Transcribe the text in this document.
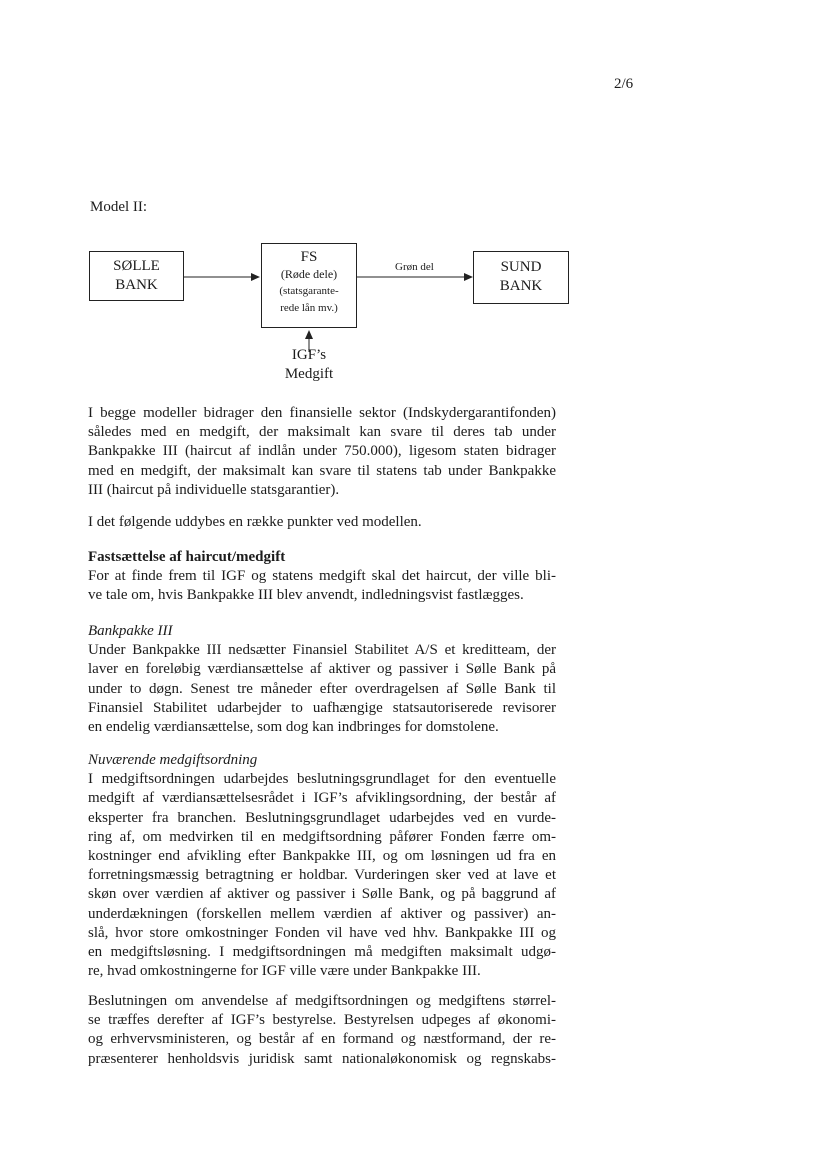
2/6
Model II:
SØLLE
BANK
FS
(Røde dele)
(statsgarante-
rede lån mv.)
SUND
BANK
Grøn del
IGF’s
Medgift
I begge modeller bidrager den finansielle sektor (Indskydergarantifonden)
således med en medgift, der maksimalt kan svare til deres tab under
Bankpakke III (haircut af indlån under 750.000), ligesom staten bidrager
med en medgift, der maksimalt kan svare til statens tab under Bankpakke
III (haircut på individuelle statsgarantier).
I det følgende uddybes en række punkter ved modellen.
Fastsættelse af haircut/medgift
For at finde frem til IGF og statens medgift skal det haircut, der ville bli-
ve tale om, hvis Bankpakke III blev anvendt, indledningsvist fastlægges.
Bankpakke III
Under Bankpakke III nedsætter Finansiel Stabilitet A/S et kreditteam, der
laver en foreløbig værdiansættelse af aktiver og passiver i Sølle Bank på
under to døgn. Senest tre måneder efter overdragelsen af Sølle Bank til
Finansiel Stabilitet udarbejder to uafhængige statsautoriserede revisorer
en endelig værdiansættelse, som dog kan indbringes for domstolene.
Nuværende medgiftsordning
I medgiftsordningen udarbejdes beslutningsgrundlaget for den eventuelle
medgift af værdiansættelsesrådet i IGF’s afviklingsordning, der består af
eksperter fra branchen. Beslutningsgrundlaget udarbejdes ved en vurde-
ring af, om medvirken til en medgiftsordning påfører Fonden færre om-
kostninger end afvikling efter Bankpakke III, og om løsningen ud fra en
forretningsmæssig betragtning er holdbar. Vurderingen sker ved at lave et
skøn over værdien af aktiver og passiver i Sølle Bank, og på baggrund af
underdækningen (forskellen mellem værdien af aktiver og passiver) an-
slå, hvor store omkostninger Fonden vil have ved hhv. Bankpakke III og
en medgiftsløsning. I medgiftsordningen må medgiften maksimalt udgø-
re, hvad omkostningerne for IGF ville være under Bankpakke III.
Beslutningen om anvendelse af medgiftsordningen og medgiftens størrel-
se træffes derefter af IGF’s bestyrelse. Bestyrelsen udpeges af økonomi-
og erhvervsministeren, og består af en formand og næstformand, der re-
præsenterer henholdsvis juridisk samt nationaløkonomisk og regnskabs-
